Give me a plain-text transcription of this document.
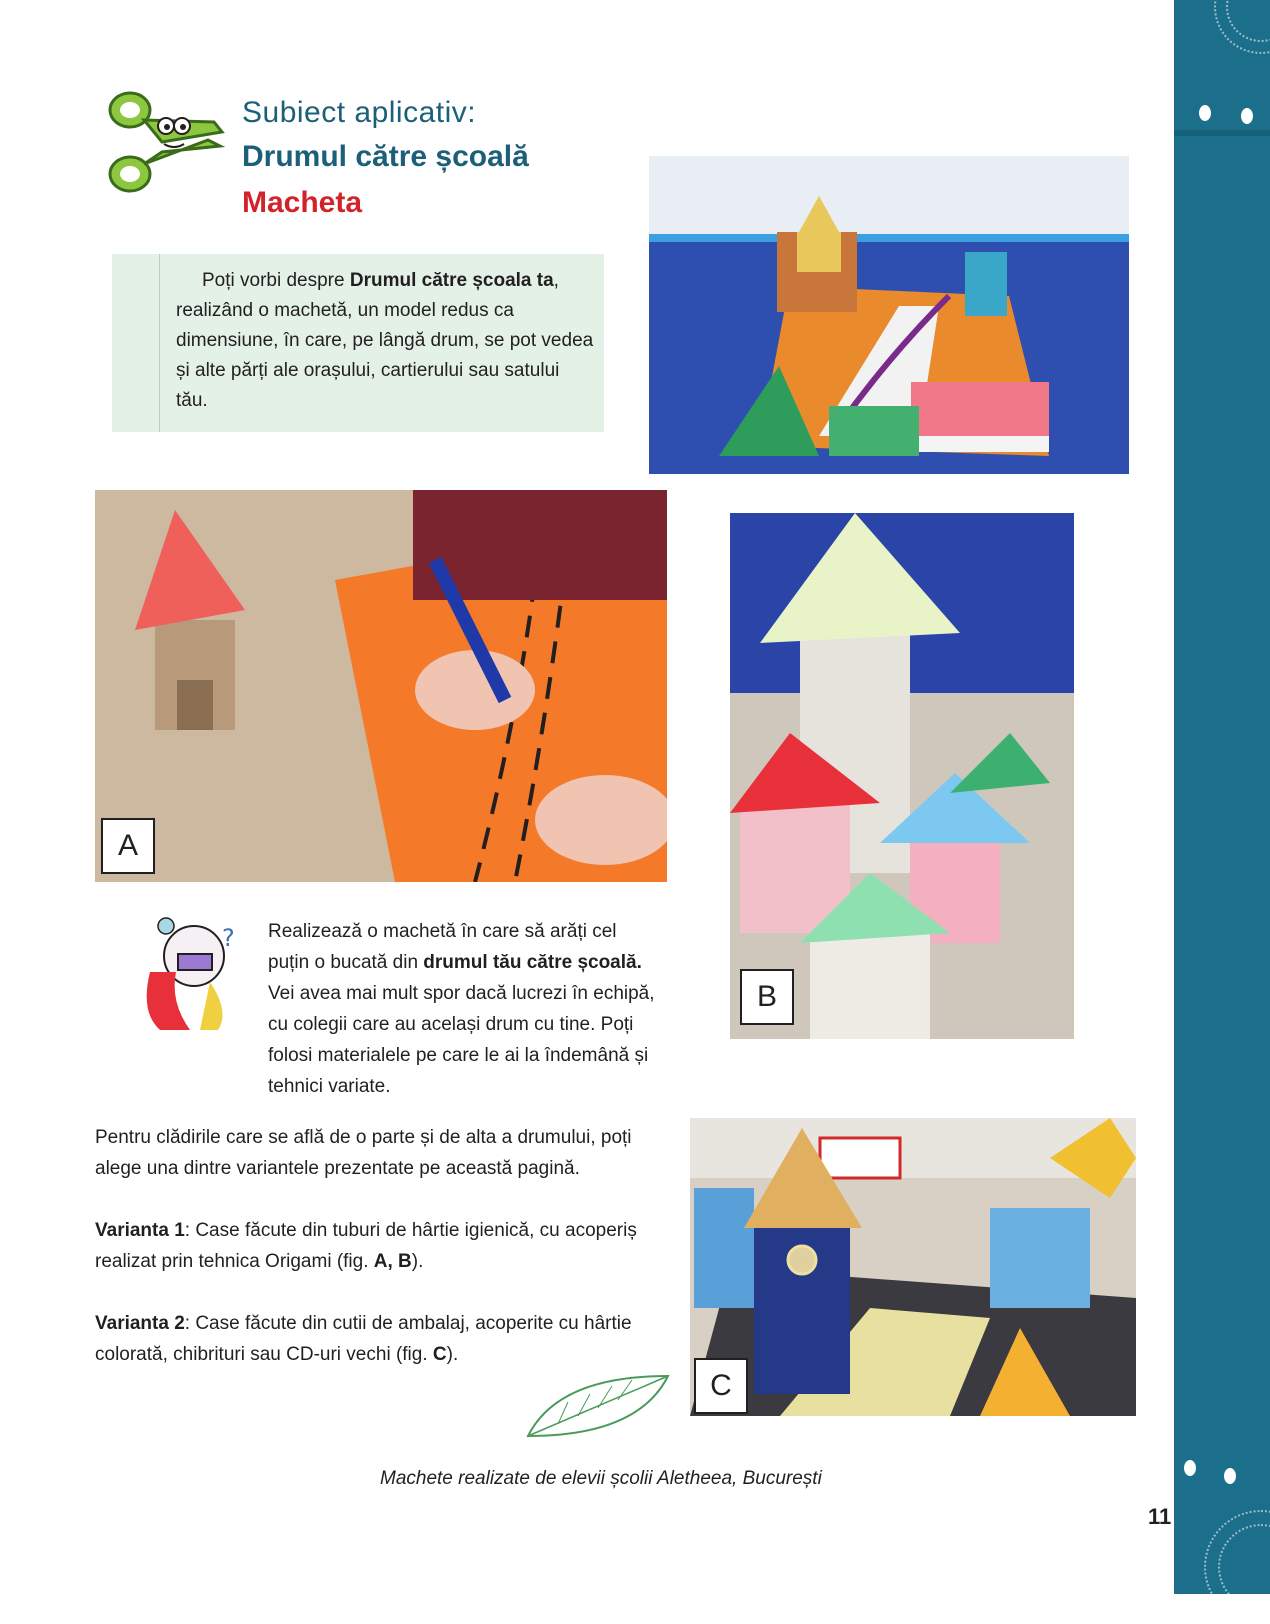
Subiect aplicativ:
Drumul către școală
Macheta
Poți vorbi despre Drumul către școala ta, realizând o machetă, un model redus ca dimensiune, în care, pe lângă drum, se pot vedea și alte părți ale orașului, cartierului sau satului tău.
A
B
? Realizează o machetă în care să arăți cel puțin o bucată din drumul tău către școală. Vei avea mai mult spor dacă lucrezi în echipă, cu colegii care au același drum cu tine. Poți folosi materialele pe care le ai la îndemână și tehnici variate.

Pentru clădirile care se află de o parte și de alta a drumului, poți alege una dintre variantele prezentate pe această pagină.

Varianta 1: Case făcute din tuburi de hârtie igienică, cu acoperiș realizat prin tehnica Origami (fig. A, B).

Varianta 2: Case făcute din cutii de ambalaj, acoperite cu hârtie colorată, chibrituri sau CD-uri vechi (fig. C).

C
Machete realizate de elevii școlii Aletheea, București
11
